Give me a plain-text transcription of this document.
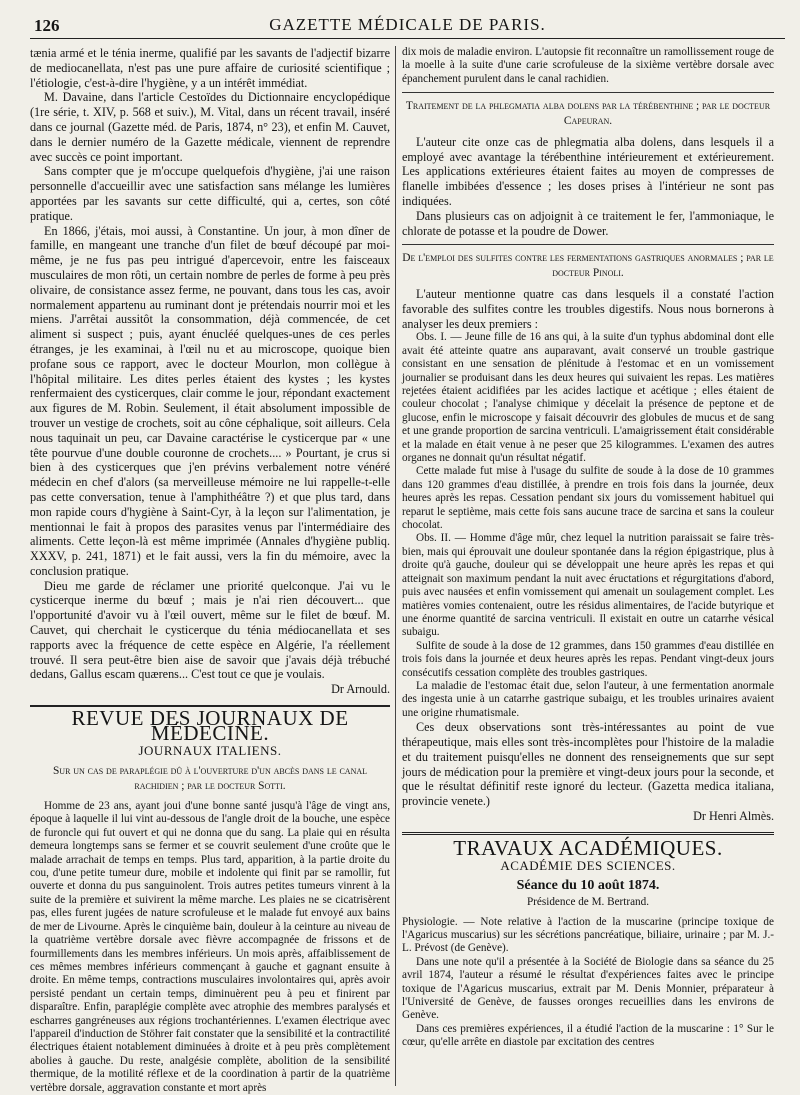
126	GAZETTE MÉDICALE DE PARIS.

tænia armé et le ténia inerme, qualifié par les savants de l'adjectif bizarre de mediocanellata, n'est pas une pure affaire de curiosité scientifique ; l'étiologie, c'est-à-dire l'hygiène, y a un intérêt immédiat.

M. Davaine, dans l'article Cestoïdes du Dictionnaire encyclopédique (1re série, t. XIV, p. 568 et suiv.), M. Vital, dans un récent travail, inséré dans ce journal (Gazette méd. de Paris, 1874, n° 23), et enfin M. Cauvet, dans le dernier numéro de la Gazette médicale, viennent de reprendre avec succès ce point important.

Sans compter que je m'occupe quelquefois d'hygiène, j'ai une raison personnelle d'accueillir avec une satisfaction sans mélange les lumières apportées par les savants sur cette difficulté, qui a, certes, son côté pratique.

En 1866, j'étais, moi aussi, à Constantine. Un jour, à mon dîner de famille, en mangeant une tranche d'un filet de bœuf découpé par moi-même, je ne fus pas peu intrigué d'apercevoir, entre les faisceaux musculaires de mon rôti, un certain nombre de perles de forme à peu près olivaire, de consistance assez ferme, ne pouvant, dans tous les cas, avoir normalement appartenu au ruminant dont je prétendais nourrir moi et les miens. J'arrêtai aussitôt la consommation, déjà commencée, de cet aliment si suspect ; puis, ayant énucléé quelques-unes de ces perles étranges, je les examinai, à l'œil nu et au microscope, quoique bien profane sous ce rapport, avec le docteur Mourlon, mon collègue à l'hôpital militaire. Les dites perles étaient des kystes ; les kystes renfermaient des cysticerques, clair comme le jour, répondant exactement aux figures de M. Robin. Seulement, il était absolument impossible de trouver un vestige de crochets, soit au cône céphalique, soit ailleurs. Cela nous taquinait un peu, car Davaine caractérise le cysticerque par « une tête pourvue d'une double couronne de crochets.... » Pourtant, je crus si bien à des cysticerques que j'en prévins verbalement notre vénéré médecin en chef d'alors (sa merveilleuse mémoire ne lui rappelle-t-elle pas cette conversation, tenue à l'amphithéâtre ?) et que plus tard, dans mon rapide cours d'hygiène à Saint-Cyr, à la leçon sur l'alimentation, je mentionnai le fait à propos des parasites venus par l'intermédiaire des aliments. Cette leçon-là est même imprimée (Annales d'hygiène publiq. XXXV, p. 241, 1871) et le fait aussi, vers la fin du mémoire, avec la conclusion pratique.

Dieu me garde de réclamer une priorité quelconque. J'ai vu le cysticerque inerme du bœuf ; mais je n'ai rien découvert... que l'opportunité d'avoir vu à l'œil ouvert, même sur le filet de bœuf. M. Cauvet, qui cherchait le cysticerque du ténia médiocanellata et ses rapports avec la fréquence de cette espèce en Algérie, l'a réellement trouvé. Il sera peut-être bien aise de savoir que j'avais déjà trébuché dedans, Gallus escam quærens... C'est tout ce que je voulais.

Dr Arnould.

REVUE DES JOURNAUX DE MÉDECINE.
JOURNAUX ITALIENS.

Sur un cas de paraplégie dû à l'ouverture d'un abcès dans le canal rachidien ; par le docteur Sotti.

Homme de 23 ans, ayant joui d'une bonne santé jusqu'à l'âge de vingt ans, époque à laquelle il lui vint au-dessous de l'angle droit de la bouche, une espèce de furoncle qui fut ouvert et qui ne donna que du sang. La plaie qui en résulta demeura longtemps sans se fermer et se couvrit seulement d'une croûte que le malade arrachait de temps en temps. Plus tard, apparition, à la partie droite du cou, d'une petite tumeur dure, mobile et indolente qui finit par se ramollir, fut ouverte et donna du pus sanguinolent. Trois autres petites tumeurs vinrent à la suite de la première et suivirent la même marche. Les plaies ne se cicatrisèrent pas, elles furent jugées de nature scrofuleuse et le malade fut envoyé aux bains de mer de Livourne. Après le cinquième bain, douleur à la ceinture au niveau de la quatrième vertèbre dorsale avec fièvre accompagnée de frissons et de fourmillements dans les membres inférieurs. Un mois après, affaiblissement de ces mêmes membres inférieurs commençant à gauche et gagnant ensuite à droite. En même temps, contractions musculaires involontaires qui, après avoir persisté pendant un certain temps, diminuèrent peu à peu et finirent par disparaître. Enfin, paraplégie complète avec atrophie des membres paralysés et escharres gangréneuses aux régions trochantériennes. L'examen électrique avec l'appareil d'induction de Stöhrer fait constater que la sensibilité et la contractilité électriques étaient notablement diminuées à droite et à peu près complètement abolies à gauche. Du reste, analgésie complète, abolition de la sensibilité thermique, de la motilité réflexe et de la coordination à partir de la quatrième vertèbre dorsale, aggravation constante et mort après

dix mois de maladie environ. L'autopsie fit reconnaître un ramollissement rouge de la moelle à la suite d'une carie scrofuleuse de la sixième vertèbre dorsale avec épanchement purulent dans le canal rachidien.

Traitement de la phlegmatia alba dolens par la térébenthine ; par le docteur Capeuran.

L'auteur cite onze cas de phlegmatia alba dolens, dans lesquels il a employé avec avantage la térébenthine intérieurement et extérieurement. Les applications extérieures étaient faites au moyen de compresses de flanelle imbibées d'essence ; les doses prises à l'intérieur ne sont pas indiquées.

Dans plusieurs cas on adjoignit à ce traitement le fer, l'ammoniaque, le chlorate de potasse et la poudre de Dower.

De l'emploi des sulfites contre les fermentations gastriques anormales ; par le docteur Pinoli.

L'auteur mentionne quatre cas dans lesquels il a constaté l'action favorable des sulfites contre les troubles digestifs. Nous nous bornerons à analyser les deux premiers :

Obs. I. — Jeune fille de 16 ans qui, à la suite d'un typhus abdominal dont elle avait été atteinte quatre ans auparavant, avait conservé un trouble gastrique consistant en une sensation de plénitude à l'estomac et en un vomissement journalier se produisant dans les deux heures qui suivaient les repas. Les matières rejetées étaient acidifiées par les acides lactique et acétique ; elles étaient de couleur chocolat ; l'analyse chimique y décelait la présence de peptone et de glucose, enfin le microscope y faisait découvrir des globules de mucus et de sang et une grande proportion de sarcina ventriculi. L'amaigrissement était considérable et la malade en était venue à ne peser que 25 kilogrammes. L'examen des autres organes ne donnait qu'un résultat négatif.

Cette malade fut mise à l'usage du sulfite de soude à la dose de 10 grammes dans 120 grammes d'eau distillée, à prendre en trois fois dans la journée, deux heures après les repas. Cessation pendant six jours du vomissement habituel qui reparut le septième, mais cette fois sans aucune trace de sarcina et sans la couleur chocolat.

Obs. II. — Homme d'âge mûr, chez lequel la nutrition paraissait se faire très-bien, mais qui éprouvait une douleur spontanée dans la région épigastrique, plus à droite qu'à gauche, douleur qui se développait une heure après les repas et qui atteignait son maximum pendant la nuit avec éructations et régurgitations d'abord, puis avec nausées et enfin vomissement qui amenait un soulagement complet. Les matières vomies contenaient, outre les résidus alimentaires, de l'acide butyrique et une énorme quantité de sarcina ventriculi. Il existait en outre un catarrhe vésical subaigu.

Sulfite de soude à la dose de 12 grammes, dans 150 grammes d'eau distillée en trois fois dans la journée et deux heures après les repas. Pendant vingt-deux jours consécutifs cessation complète des troubles gastriques.

La maladie de l'estomac était due, selon l'auteur, à une fermentation anormale des ingesta unie à un catarrhe gastrique subaigu, et les troubles urinaires avaient une origine rhumatismale.

Ces deux observations sont très-intéressantes au point de vue thérapeutique, mais elles sont très-incomplètes pour l'histoire de la maladie et du traitement puisqu'elles ne donnent des renseignements que sur sept jours de médication pour la première et vingt-deux jours pour la seconde, et que le résultat définitif reste ignoré du lecteur. (Gazetta medica italiana, provincie venete.)

Dr Henri Almès.

TRAVAUX ACADÉMIQUES.
ACADÉMIE DES SCIENCES.
Séance du 10 août 1874.

Présidence de M. Bertrand.

Physiologie. — Note relative à l'action de la muscarine (principe toxique de l'Agaricus muscarius) sur les sécrétions pancréatique, biliaire, urinaire ; par M. J.-L. Prévost (de Genève).

Dans une note qu'il a présentée à la Société de Biologie dans sa séance du 25 avril 1874, l'auteur a résumé le résultat d'expériences faites avec le principe toxique de l'Agaricus muscarius, extrait par M. Denis Monnier, préparateur à l'Université de Genève, de fausses oronges recueillies dans les environs de Genève.

Dans ces premières expériences, il a étudié l'action de la muscarine : 1° Sur le cœur, qu'elle arrête en diastole par excitation des centres
